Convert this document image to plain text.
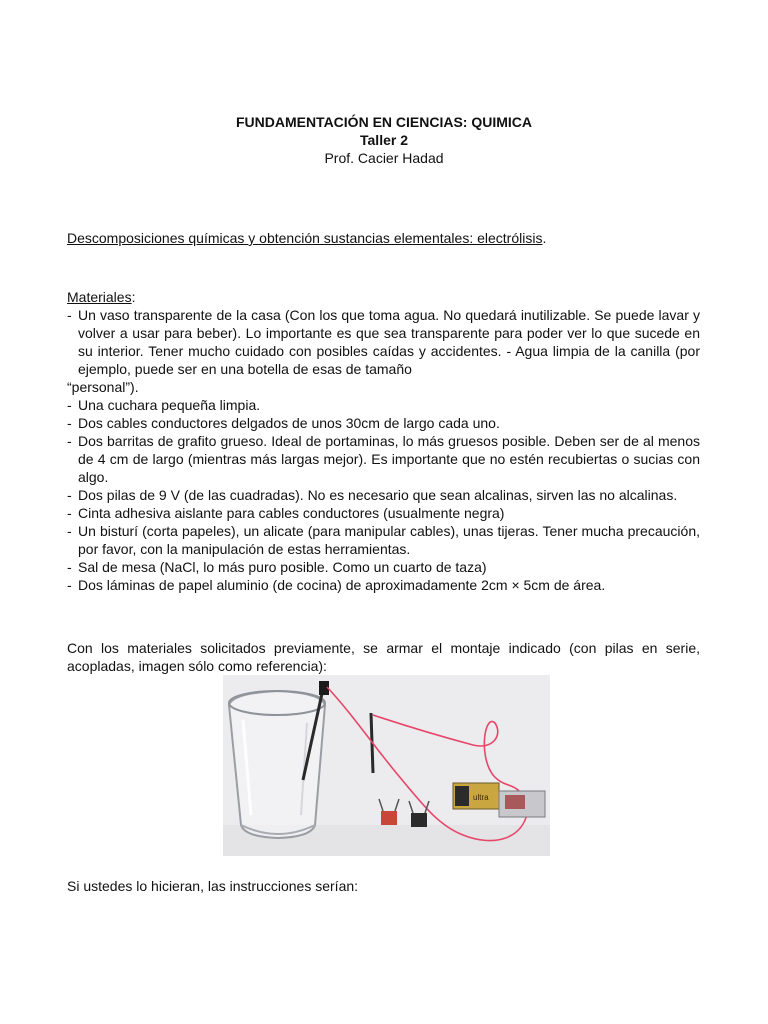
FUNDAMENTACIÓN EN CIENCIAS: QUIMICA
Taller 2
Prof. Cacier Hadad
Descomposiciones químicas y obtención sustancias elementales: electrólisis.
Materiales:
- Un vaso transparente de la casa (Con los que toma agua. No quedará inutilizable. Se puede lavar y volver a usar para beber). Lo importante es que sea transparente para poder ver lo que sucede en su interior. Tener mucho cuidado con posibles caídas y accidentes. - Agua limpia de la canilla (por ejemplo, puede ser en una botella de esas de tamaño
“personal”).
- Una cuchara pequeña limpia.
- Dos cables conductores delgados de unos 30cm de largo cada uno.
- Dos barritas de grafito grueso. Ideal de portaminas, lo más gruesos posible. Deben ser de al menos de 4 cm de largo (mientras más largas mejor). Es importante que no estén recubiertas o sucias con algo.
- Dos pilas de 9 V (de las cuadradas). No es necesario que sean alcalinas, sirven las no alcalinas.
- Cinta adhesiva aislante para cables conductores (usualmente negra)
- Un bisturí (corta papeles), un alicate (para manipular cables), unas tijeras. Tener mucha precaución, por favor, con la manipulación de estas herramientas.
- Sal de mesa (NaCl, lo más puro posible. Como un cuarto de taza)
- Dos láminas de papel aluminio (de cocina) de aproximadamente 2cm × 5cm de área.
Con los materiales solicitados previamente, se armar el montaje indicado (con pilas en serie, acopladas, imagen sólo como referencia):
ultra
Si ustedes lo hicieran, las instrucciones serían:
